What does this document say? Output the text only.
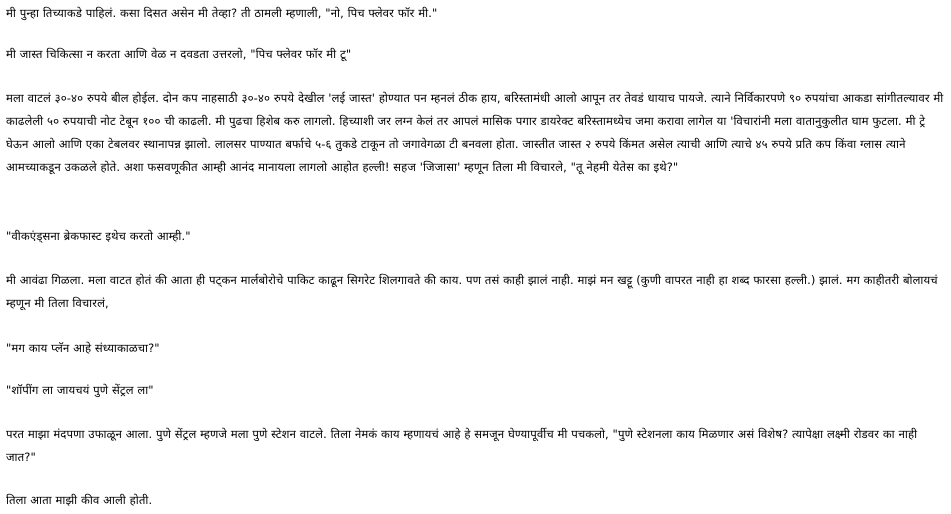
मी पुन्हा तिच्याकडे पाहिलं. कसा दिसत असेन मी तेव्हा? ती ठामली म्हणाली, "नो, पिच फ्लेवर फॉर मी."

मी जास्त चिकित्सा न करता आणि वेळ न दवडता उत्तरलो, "पिच फ्लेवर फॉर मी टू"

मला वाटलं ३०-४० रुपये बील होईल. दोन कप नाहसाठी ३०-४० रुपये देखील 'लई जास्त' होण्यात पन म्हनलं ठीक हाय, बरिस्तामंधी आलो आपून तर तेवडं धायाच पायजे. त्याने निर्विकारपणे ९० रुपयांचा आकडा सांगीतल्यावर मी काढलेली ५० रुपयाची नोट टेबून १०० ची काढली. मी पुढचा हिशेब करु लागलो. हिच्याशी जर लग्न केलं तर आपलं मासिक पगार डायरेक्ट बरिस्तामध्येच जमा करावा लागेल या 'विचारांनी मला वातानुकुलीत घाम फुटला. मी ट्रे घेऊन आलो आणि एका टेबलवर स्थानापन्न झालो. लालसर पाण्यात बर्फाचे ५-६ तुकडे टाकून तो जगावेगळा टी बनवला होता. जास्तीत जास्त २ रुपये किंमत असेल त्याची आणि त्याचे ४५ रुपये प्रति कप किंवा ग्लास त्याने आमच्याकडून उकळले होते. अशा फसवणूकीत आम्ही आनंद मानायला लागलो आहोत हल्ली! सहज 'जिजासा' म्हणून तिला मी विचारले, "तू नेहमी येतेस का इथे?"

"वीकएंड्सना ब्रेकफास्ट इथेच करतो आम्ही."

मी आवंढा गिळला. मला वाटत होतं की आता ही पट्कन मार्लबोरोचे पाकिट काढून सिगरेट शिलगावते की काय. पण तसं काही झालं नाही. माझं मन खट्टू (कुणी वापरत नाही हा शब्द फारसा हल्ली.) झालं. मग काहीतरी बोलायचं म्हणून मी तिला विचारलं,

"मग काय प्लॅन आहे संध्याकाळचा?"

"शॉपींग ला जायचयं पुणे सेंट्रल ला"

परत माझा मंदपणा उफाळून आला. पुणे सेंट्रल म्हणजे मला पुणे स्टेशन वाटले. तिला नेमकं काय म्हणायचं आहे हे समजून घेण्यापूर्वीच मी पचकलो, "पुणे स्टेशनला काय मिळणार असं विशेष? त्यापेक्षा लक्ष्मी रोडवर का नाही जात?"

तिला आता माझी कीव आली होती.
